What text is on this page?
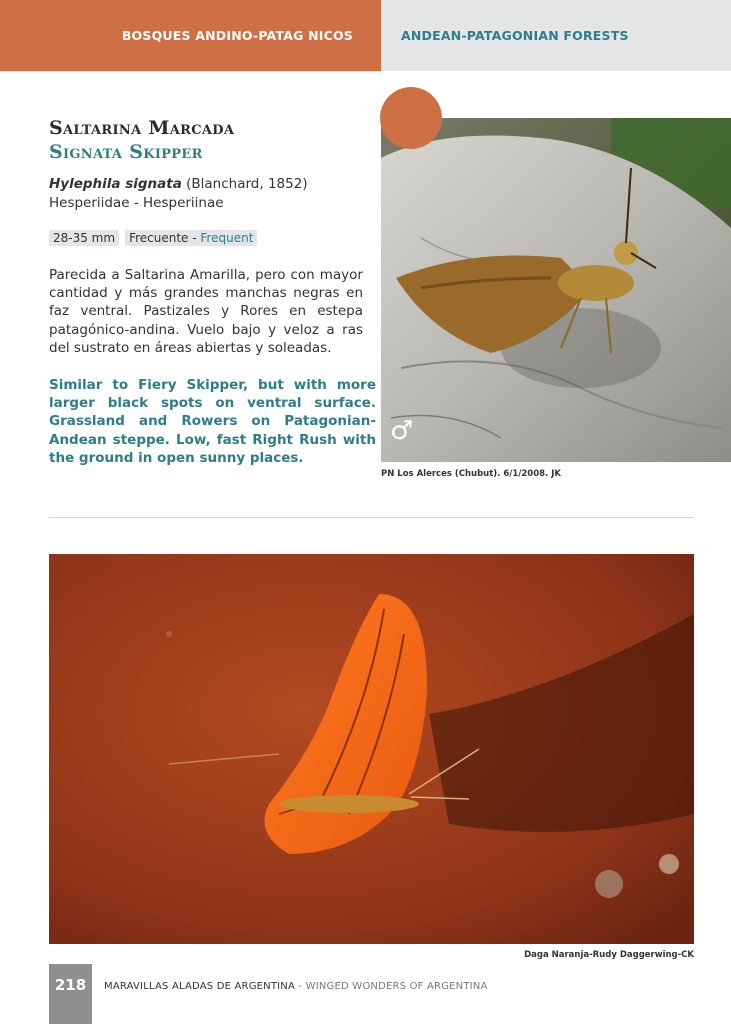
BOSQUES ANDINO-PATAG NICOS	ANDEAN-PATAGONIAN FORESTS
Saltarina Marcada
Signata Skipper
Hylephila signata (Blanchard, 1852)
Hesperiidae - Hesperiinae
28-35 mm	Frecuente - Frequent
Parecida a Saltarina Amarilla, pero con mayor cantidad y más grandes manchas negras en faz ventral. Pastizales y Rores en estepa patagónico-andina. Vuelo bajo y veloz a ras del sustrato en áreas abiertas y soleadas.
Similar to Fiery Skipper, but with more larger black spots on ventral surface. Grassland and Rowers on Patagonian-Andean steppe. Low, fast Right Rush with the ground in open sunny places.
♂
PN Los Alerces (Chubut). 6/1/2008. JK
Daga Naranja-Rudy Daggerwing-CK
218	MARAVILLAS ALADAS DE ARGENTINA - WINGED WONDERS OF ARGENTINA
